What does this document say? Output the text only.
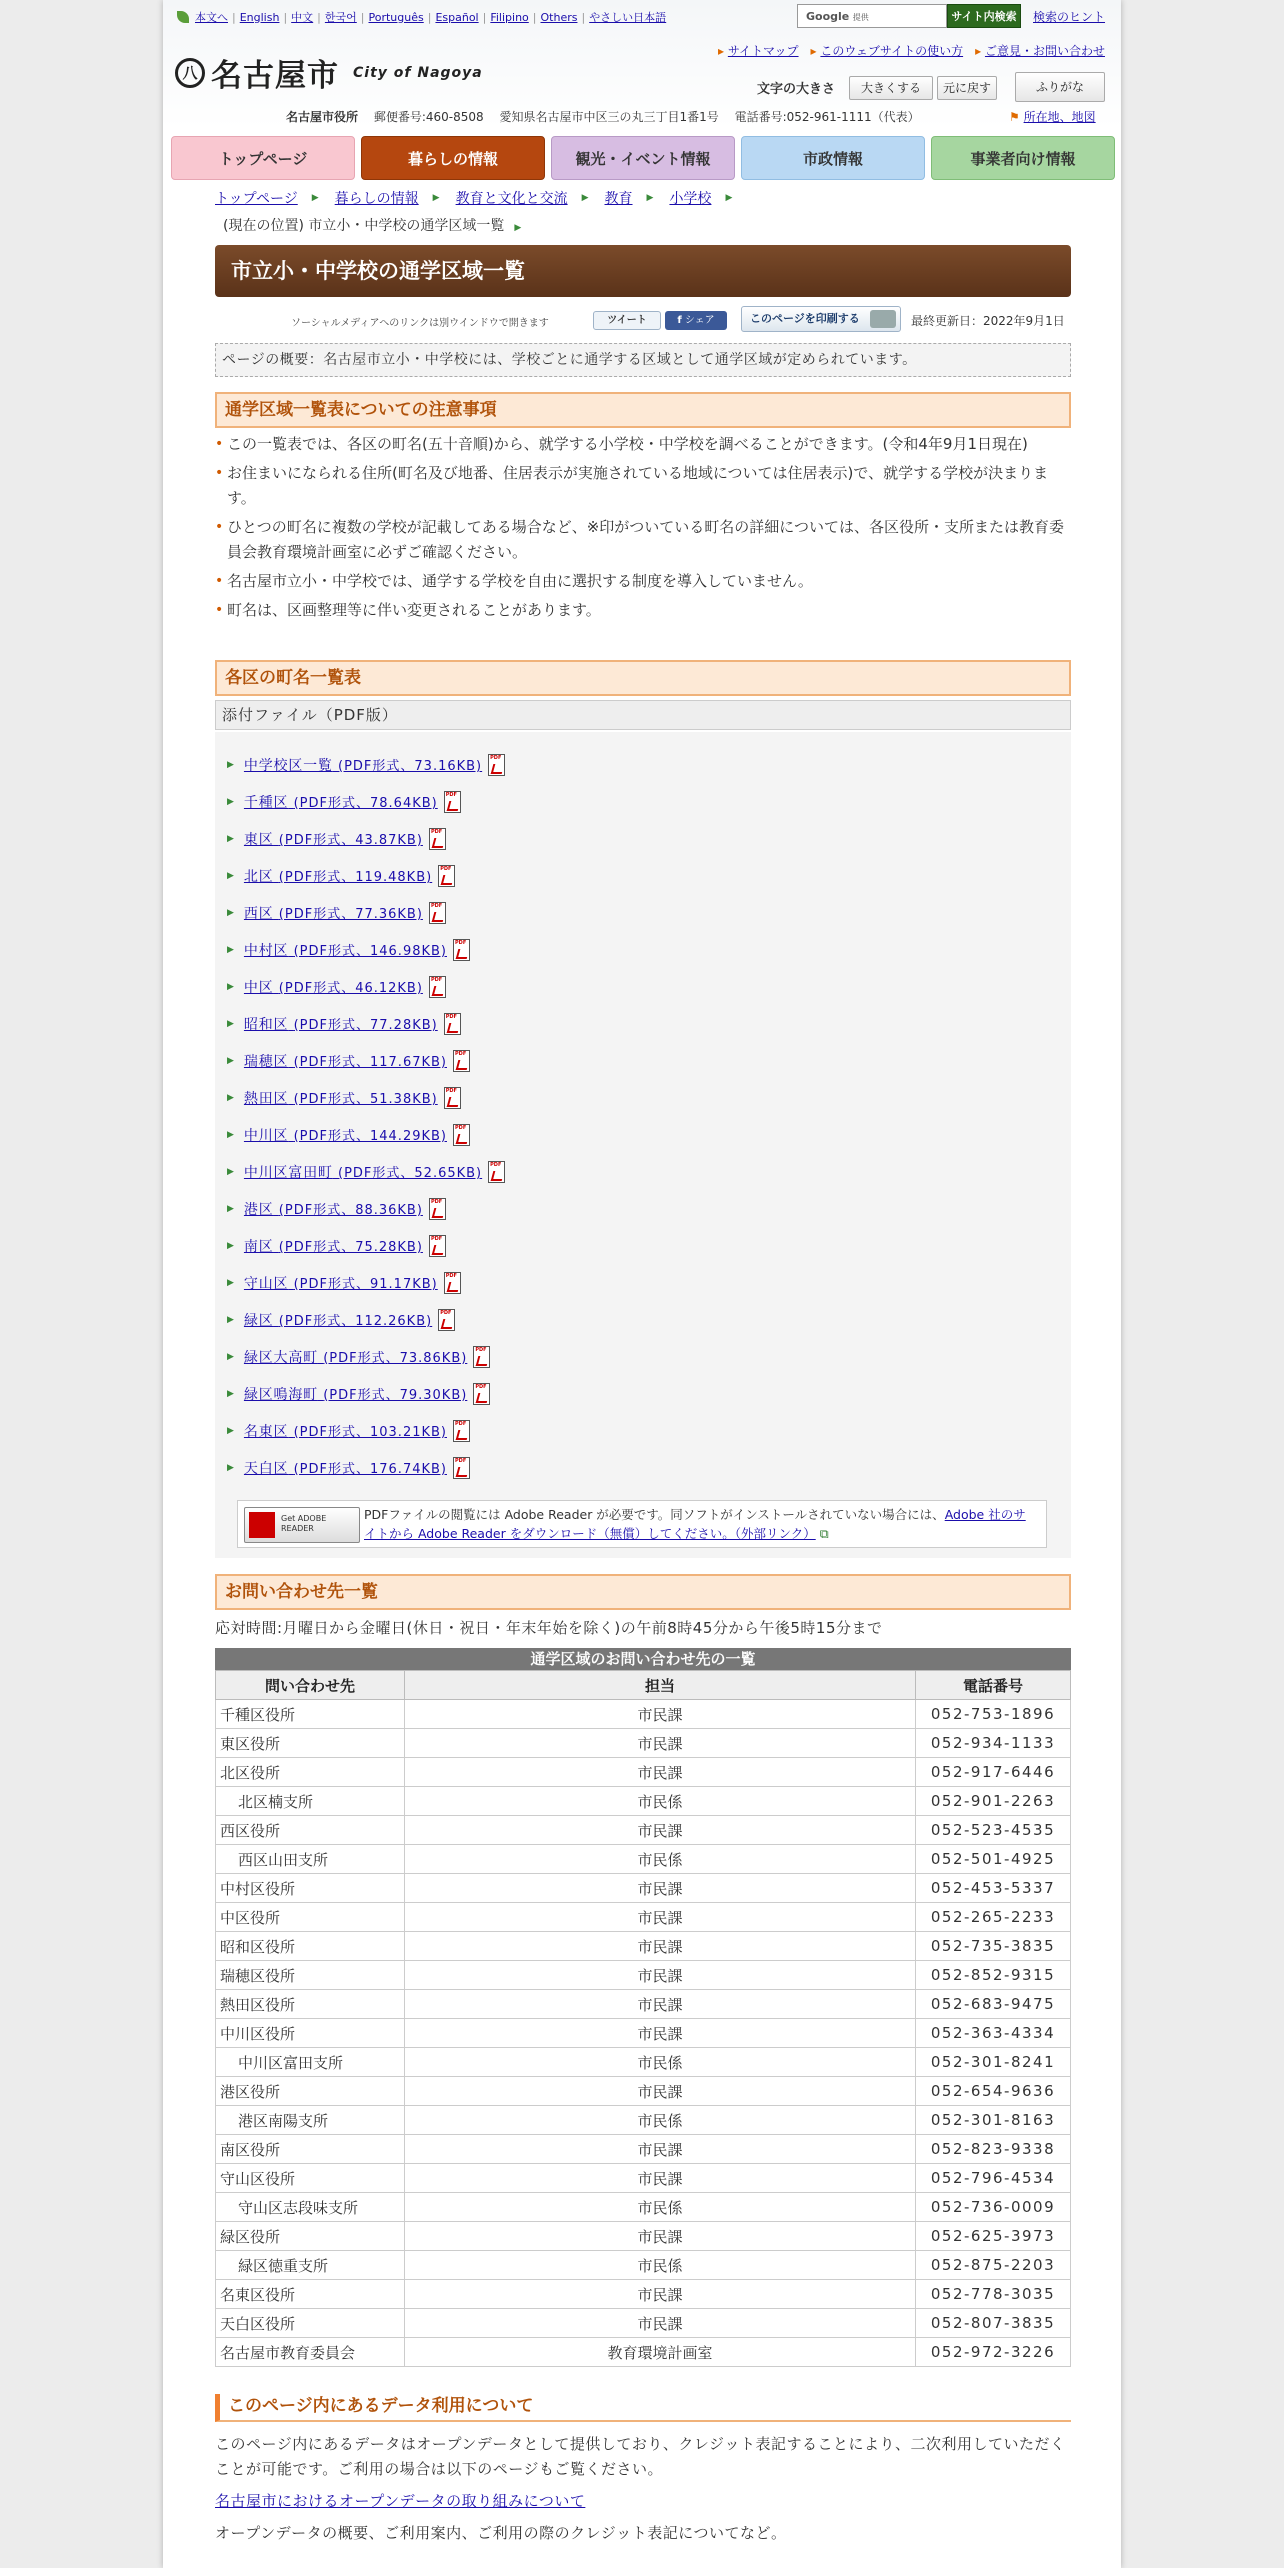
本文へ | English | 中文 | 한국어 | Português | Español | Filipino | Others | やさしい日本語	Google 提供	サイト内検索	検索のヒント
八 名古屋市 City of Nagoya
▸ サイトマップ ▸ このウェブサイトの使い方 ▸ ご意見・お問い合わせ
文字の大きさ	大きくする	元に戻す	ふりがな
名古屋市役所　 郵便番号:460-8508　 愛知県名古屋市中区三の丸三丁目1番1号　 電話番号:052-961-1111（代表）	⚑ 所在地、地図
トップページ	暮らしの情報	観光・イベント情報	市政情報	事業者向け情報
トップページ ▶ 暮らしの情報 ▶ 教育と文化と交流 ▶ 教育 ▶ 小学校 ▶
(現在の位置) 市立小・中学校の通学区域一覧 ▶
市立小・中学校の通学区域一覧
ソーシャルメディアへのリンクは別ウインドウで開きます	ツイート	f シェア	このページを印刷する	最終更新日：2022年9月1日
ページの概要：名古屋市立小・中学校には、学校ごとに通学する区域として通学区域が定められています。
通学区域一覧表についての注意事項
• この一覧表では、各区の町名(五十音順)から、就学する小学校・中学校を調べることができます。(令和4年9月1日現在)
• お住まいになられる住所(町名及び地番、住居表示が実施されている地域については住居表示)で、就学する学校が決まります。
• ひとつの町名に複数の学校が記載してある場合など、※印がついている町名の詳細については、各区役所・支所または教育委員会教育環境計画室に必ずご確認ください。
• 名古屋市立小・中学校では、通学する学校を自由に選択する制度を導入していません。
• 町名は、区画整理等に伴い変更されることがあります。
各区の町名一覧表
添付ファイル（PDF版）
▶ 中学校区一覧 (PDF形式、73.16KB)
PDF
▶ 千種区 (PDF形式、78.64KB)
PDF
▶ 東区 (PDF形式、43.87KB)
PDF
▶ 北区 (PDF形式、119.48KB)
PDF
▶ 西区 (PDF形式、77.36KB)
PDF
▶ 中村区 (PDF形式、146.98KB)
PDF
▶ 中区 (PDF形式、46.12KB)
PDF
▶ 昭和区 (PDF形式、77.28KB)
PDF
▶ 瑞穂区 (PDF形式、117.67KB)
PDF
▶ 熱田区 (PDF形式、51.38KB)
PDF
▶ 中川区 (PDF形式、144.29KB)
PDF
▶ 中川区富田町 (PDF形式、52.65KB)
PDF
▶ 港区 (PDF形式、88.36KB)
PDF
▶ 南区 (PDF形式、75.28KB)
PDF
▶ 守山区 (PDF形式、91.17KB)
PDF
▶ 緑区 (PDF形式、112.26KB)
PDF
▶ 緑区大高町 (PDF形式、73.86KB)
PDF
▶ 緑区鳴海町 (PDF形式、79.30KB)
PDF
▶ 名東区 (PDF形式、103.21KB)
PDF
▶ 天白区 (PDF形式、176.74KB)
PDF
Get ADOBE READER
PDFファイルの閲覧には Adobe Reader が必要です。同ソフトがインストールされていない場合には、Adobe 社のサイトから Adobe Reader をダウンロード（無償）してください。（外部リンク） ⧉
お問い合わせ先一覧
応対時間:月曜日から金曜日(休日・祝日・年末年始を除く)の午前8時45分から午後5時15分まで
通学区域のお問い合わせ先の一覧
問い合わせ先	担当	電話番号
千種区役所	市民課	052-753-1896
東区役所	市民課	052-934-1133
北区役所	市民課	052-917-6446
北区楠支所	市民係	052-901-2263
西区役所	市民課	052-523-4535
西区山田支所	市民係	052-501-4925
中村区役所	市民課	052-453-5337
中区役所	市民課	052-265-2233
昭和区役所	市民課	052-735-3835
瑞穂区役所	市民課	052-852-9315
熱田区役所	市民課	052-683-9475
中川区役所	市民課	052-363-4334
中川区富田支所	市民係	052-301-8241
港区役所	市民課	052-654-9636
港区南陽支所	市民係	052-301-8163
南区役所	市民課	052-823-9338
守山区役所	市民課	052-796-4534
守山区志段味支所	市民係	052-736-0009
緑区役所	市民課	052-625-3973
緑区徳重支所	市民係	052-875-2203
名東区役所	市民課	052-778-3035
天白区役所	市民課	052-807-3835
名古屋市教育委員会	教育環境計画室	052-972-3226
このページ内にあるデータ利用について
このページ内にあるデータはオープンデータとして提供しており、クレジット表記することにより、二次利用していただくことが可能です。ご利用の場合は以下のページもご覧ください。
名古屋市におけるオープンデータの取り組みについて
オープンデータの概要、ご利用案内、ご利用の際のクレジット表記についてなど。
